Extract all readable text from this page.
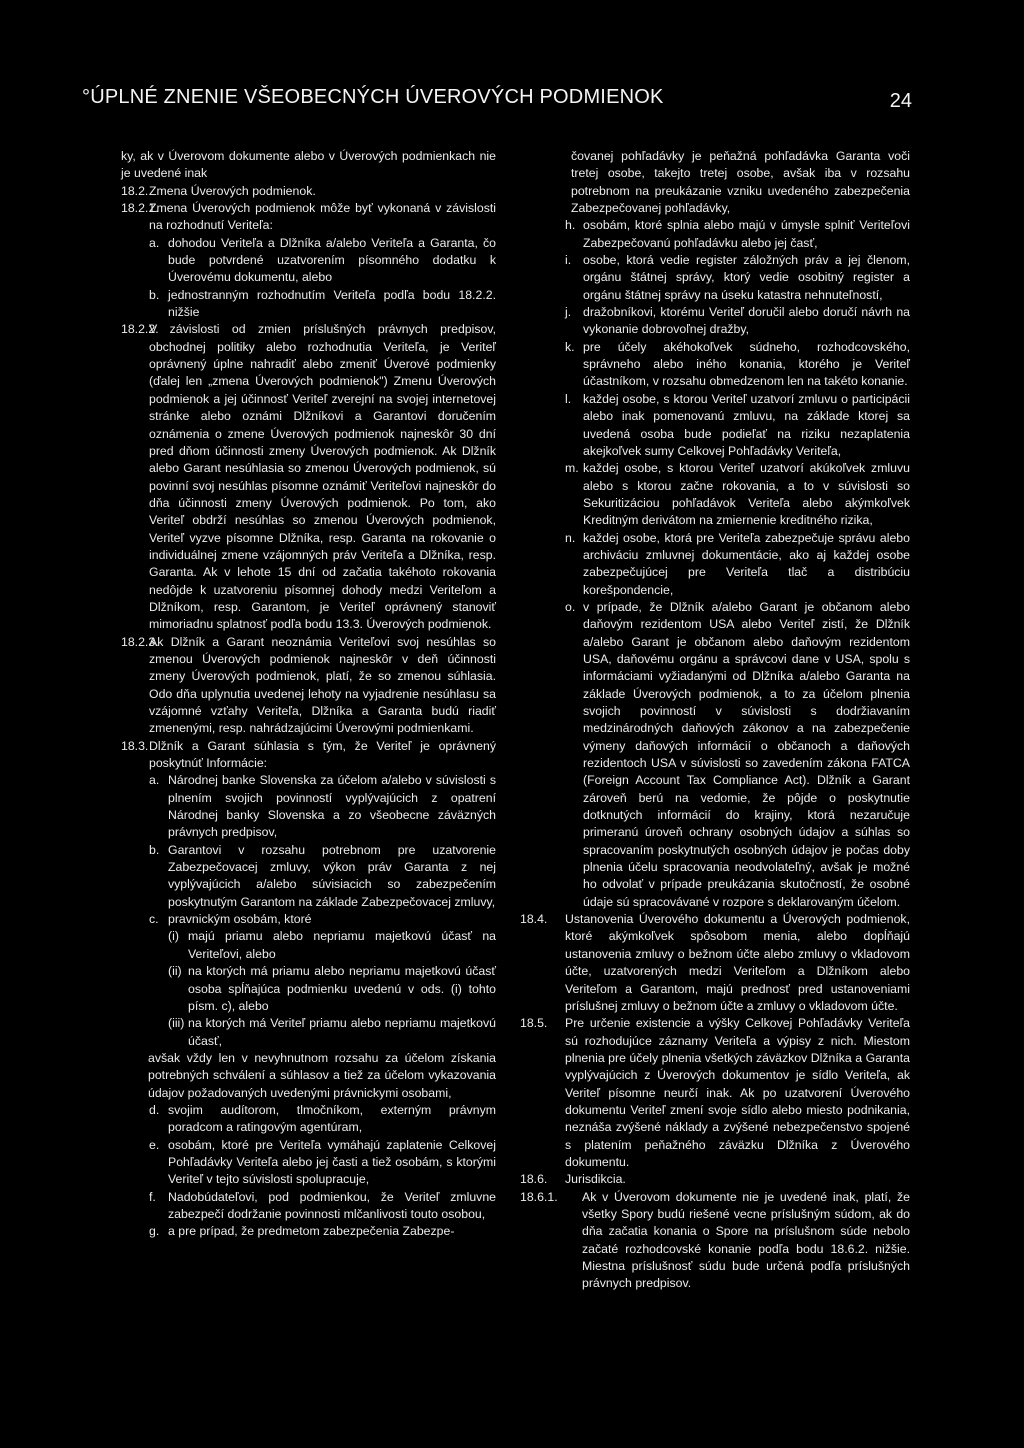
°ÚPLNÉ ZNENIE VŠEOBECNÝCH ÚVEROVÝCH PODMIENOK	24
ky, ak v Úverovom dokumente alebo v Úverových podmienkach nie je uvedené inak
18.2. Zmena Úverových podmienok.
18.2.1.
Zmena Úverových podmienok môže byť vykonaná v závislosti na rozhodnutí Veriteľa:
a. dohodou Veriteľa a Dlžníka a/alebo Veriteľa a Garanta, čo bude potvrdené uzatvorením písomného dodatku k Úverovému dokumentu, alebo
b. jednostranným rozhodnutím Veriteľa podľa bodu 18.2.2. nižšie
18.2.2.
V závislosti od zmien príslušných právnych predpisov, obchodnej politiky alebo rozhodnutia Veriteľa, je Veriteľ oprávnený úplne nahradiť alebo zmeniť Úverové podmienky (ďalej len „zmena Úverových podmienok") Zmenu Úverových podmienok a jej účinnosť Veriteľ zverejní na svojej internetovej stránke alebo oznámi Dlžníkovi a Garantovi doručením oznámenia o zmene Úverových podmienok najneskôr 30 dní pred dňom účinnosti zmeny Úverových podmienok. Ak Dlžník alebo Garant nesúhlasia so zmenou Úverových podmienok, sú povinní svoj nesúhlas písomne oznámiť Veriteľovi najneskôr do dňa účinnosti zmeny Úverových podmienok. Po tom, ako Veriteľ obdrží nesúhlas so zmenou Úverových podmienok, Veriteľ vyzve písomne Dlžníka, resp. Garanta na rokovanie o individuálnej zmene vzájomných práv Veriteľa a Dlžníka, resp. Garanta. Ak v lehote 15 dní od začatia takéhoto rokovania nedôjde k uzatvoreniu písomnej dohody medzi Veriteľom a Dlžníkom, resp. Garantom, je Veriteľ oprávnený stanoviť mimoriadnu splatnosť podľa bodu 13.3. Úverových podmienok.
18.2.3.
Ak Dlžník a Garant neoznámia Veriteľovi svoj nesúhlas so zmenou Úverových podmienok najneskôr v deň účinnosti zmeny Úverových podmienok, platí, že so zmenou súhlasia. Odo dňa uplynutia uvedenej lehoty na vyjadrenie nesúhlasu sa vzájomné vzťahy Veriteľa, Dlžníka a Garanta budú riadiť zmenenými, resp. nahrádzajúcimi Úverovými podmienkami.
18.3. Dlžník a Garant súhlasia s tým, že Veriteľ je oprávnený poskytnúť Informácie:
a. Národnej banke Slovenska za účelom a/alebo v súvislosti s plnením svojich povinností vyplývajúcich z opatrení Národnej banky Slovenska a zo všeobecne záväzných právnych predpisov,
b. Garantovi v rozsahu potrebnom pre uzatvorenie Zabezpečovacej zmluvy, výkon práv Garanta z nej vyplývajúcich a/alebo súvisiacich so zabezpečením poskytnutým Garantom na základe Zabezpečovacej zmluvy,
c. pravnickým osobám, ktoré
(i) majú priamu alebo nepriamu majetkovú účasť na Veriteľovi, alebo
(ii) na ktorých má priamu alebo nepriamu majetkovú účasť osoba spĺňajúca podmienku uvedenú v ods. (i) tohto písm. c), alebo
(iii) na ktorých má Veriteľ priamu alebo nepriamu majetkovú účasť,
avšak vždy len v nevyhnutnom rozsahu za účelom získania potrebných schválení a súhlasov a tiež za účelom vykazovania údajov požadovaných uvedenými právnickymi osobami,
d. svojim audítorom, tlmočníkom, externým právnym poradcom a ratingovým agentúram,
e. osobám, ktoré pre Veriteľa vymáhajú zaplatenie Celkovej Pohľadávky Veriteľa alebo jej časti a tiež osobám, s ktorými Veriteľ v tejto súvislosti spolupracuje,
f. Nadobúdateľovi, pod podmienkou, že Veriteľ zmluvne zabezpečí dodržanie povinnosti mlčanlivosti touto osobou,
g. a pre prípad, že predmetom zabezpečenia Zabezpe-
čovanej pohľadávky je peňažná pohľadávka Garanta voči tretej osobe, takejto tretej osobe, avšak iba v rozsahu potrebnom na preukázanie vzniku uvedeného zabezpečenia Zabezpečovanej pohľadávky,
h. osobám, ktoré splnia alebo majú v úmysle splniť Veriteľovi Zabezpečovanú pohľadávku alebo jej časť,
i. osobe, ktorá vedie register záložných práv a jej členom, orgánu štátnej správy, ktorý vedie osobitný register a orgánu štátnej správy na úseku katastra nehnuteľností,
j. dražobníkovi, ktorému Veriteľ doručil alebo doručí návrh na vykonanie dobrovoľnej dražby,
k. pre účely akéhokoľvek súdneho, rozhodcovského, správneho alebo iného konania, ktorého je Veriteľ účastníkom, v rozsahu obmedzenom len na takéto konanie.
l. každej osobe, s ktorou Veriteľ uzatvorí zmluvu o participácii alebo inak pomenovanú zmluvu, na základe ktorej sa uvedená osoba bude podieľať na riziku nezaplatenia akejkoľvek sumy Celkovej Pohľadávky Veriteľa,
m. každej osobe, s ktorou Veriteľ uzatvorí akúkoľvek zmluvu alebo s ktorou začne rokovania, a to v súvislosti so Sekuritizáciou pohľadávok Veriteľa alebo akýmkoľvek Kreditným derivátom na zmiernenie kreditného rizika,
n. každej osobe, ktorá pre Veriteľa zabezpečuje správu alebo archiváciu zmluvnej dokumentácie, ako aj každej osobe zabezpečujúcej pre Veriteľa tlač a distribúciu korešpondencie,
o. v prípade, že Dlžník a/alebo Garant je občanom alebo daňovým rezidentom USA alebo Veriteľ zistí, že Dlžník a/alebo Garant je občanom alebo daňovým rezidentom USA, daňovému orgánu a správcovi dane v USA, spolu s informáciami vyžiadanými od Dlžníka a/alebo Garanta na základe Úverových podmienok, a to za účelom plnenia svojich povinností v súvislosti s dodržiavaním medzinárodných daňových zákonov a na zabezpečenie výmeny daňových informácií o občanoch a daňových rezidentoch USA v súvislosti so zavedením zákona FATCA (Foreign Account Tax Compliance Act). Dlžník a Garant zároveň berú na vedomie, že pôjde o poskytnutie dotknutých informácií do krajiny, ktorá nezaručuje primeranú úroveň ochrany osobných údajov a súhlas so spracovaním poskytnutých osobných údajov je počas doby plnenia účelu spracovania neodvolateľný, avšak je možné ho odvolať v prípade preukázania skutočností, že osobné údaje sú spracovávané v rozpore s deklarovaným účelom.
18.4.	Ustanovenia Úverového dokumentu a Úverových podmienok, ktoré akýmkoľvek spôsobom menia, alebo dopĺňajú ustanovenia zmluvy o bežnom účte alebo zmluvy o vkladovom účte, uzatvorených medzi Veriteľom a Dlžníkom alebo Veriteľom a Garantom, majú prednosť pred ustanoveniami príslušnej zmluvy o bežnom účte a zmluvy o vkladovom účte.
18.5.	Pre určenie existencie a výšky Celkovej Pohľadávky Veriteľa sú rozhodujúce záznamy Veriteľa a výpisy z nich. Miestom plnenia pre účely plnenia všetkých záväzkov Dlžníka a Garanta vyplývajúcich z Úverových dokumentov je sídlo Veriteľa, ak Veriteľ písomne neurčí inak. Ak po uzatvorení Úverového dokumentu Veriteľ zmení svoje sídlo alebo miesto podnikania, neznáša zvýšené náklady a zvýšené nebezpečenstvo spojené s platením peňažného záväzku Dlžníka z Úverového dokumentu.
18.6.	Jurisdikcia.
18.6.1.	Ak v Úverovom dokumente nie je uvedené inak, platí, že všetky Spory budú riešené vecne príslušným súdom, ak do dňa začatia konania o Spore na príslušnom súde nebolo začaté rozhodcovské konanie podľa bodu 18.6.2. nižšie. Miestna príslušnosť súdu bude určená podľa príslušných právnych predpisov.
